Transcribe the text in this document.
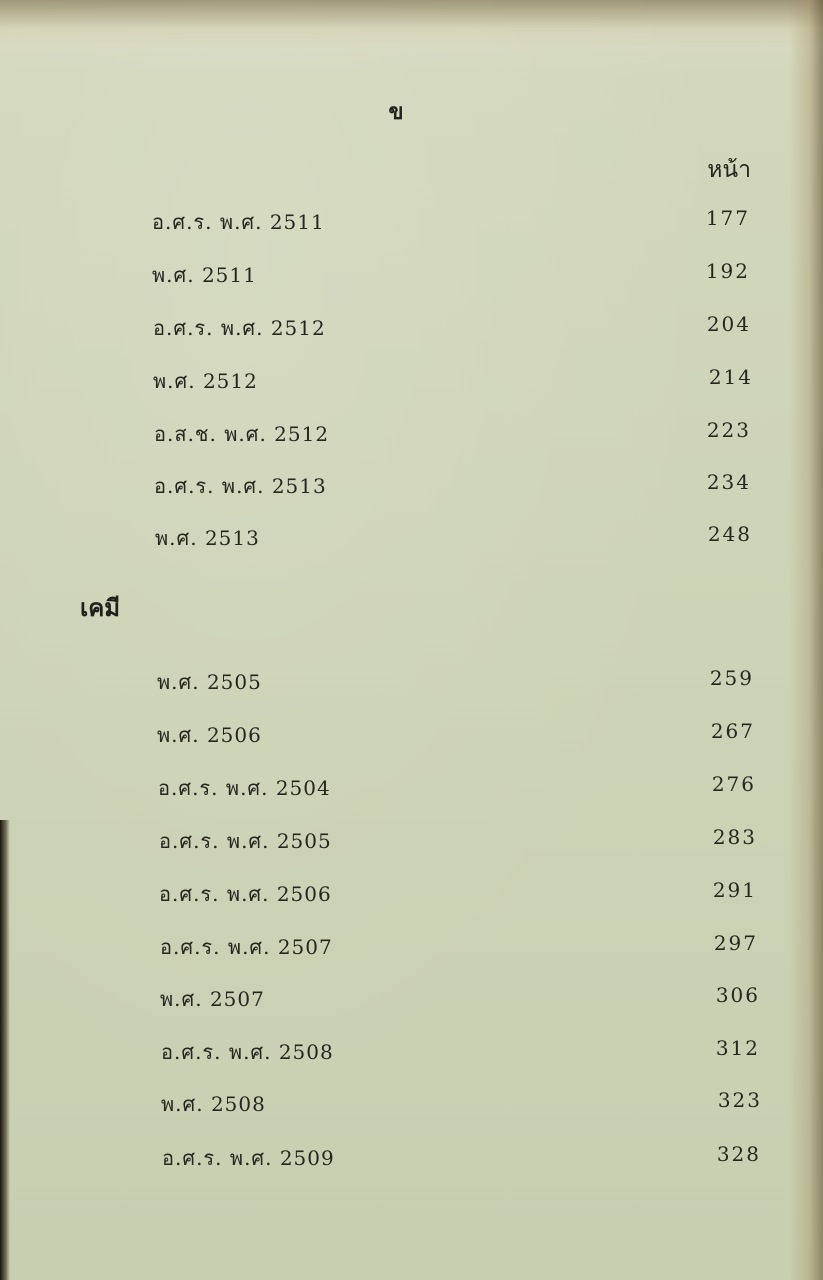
ข
หน้า
เคมี
อ.ศ.ร. พ.ศ. 2511	177
พ.ศ. 2511	192
อ.ศ.ร. พ.ศ. 2512	204
พ.ศ. 2512	214
อ.ส.ช. พ.ศ. 2512	223
อ.ศ.ร. พ.ศ. 2513	234
พ.ศ. 2513	248
พ.ศ. 2505	259
พ.ศ. 2506	267
อ.ศ.ร. พ.ศ. 2504	276
อ.ศ.ร. พ.ศ. 2505	283
อ.ศ.ร. พ.ศ. 2506	291
อ.ศ.ร. พ.ศ. 2507	297
พ.ศ. 2507	306
อ.ศ.ร. พ.ศ. 2508	312
พ.ศ. 2508	323
อ.ศ.ร. พ.ศ. 2509	328
